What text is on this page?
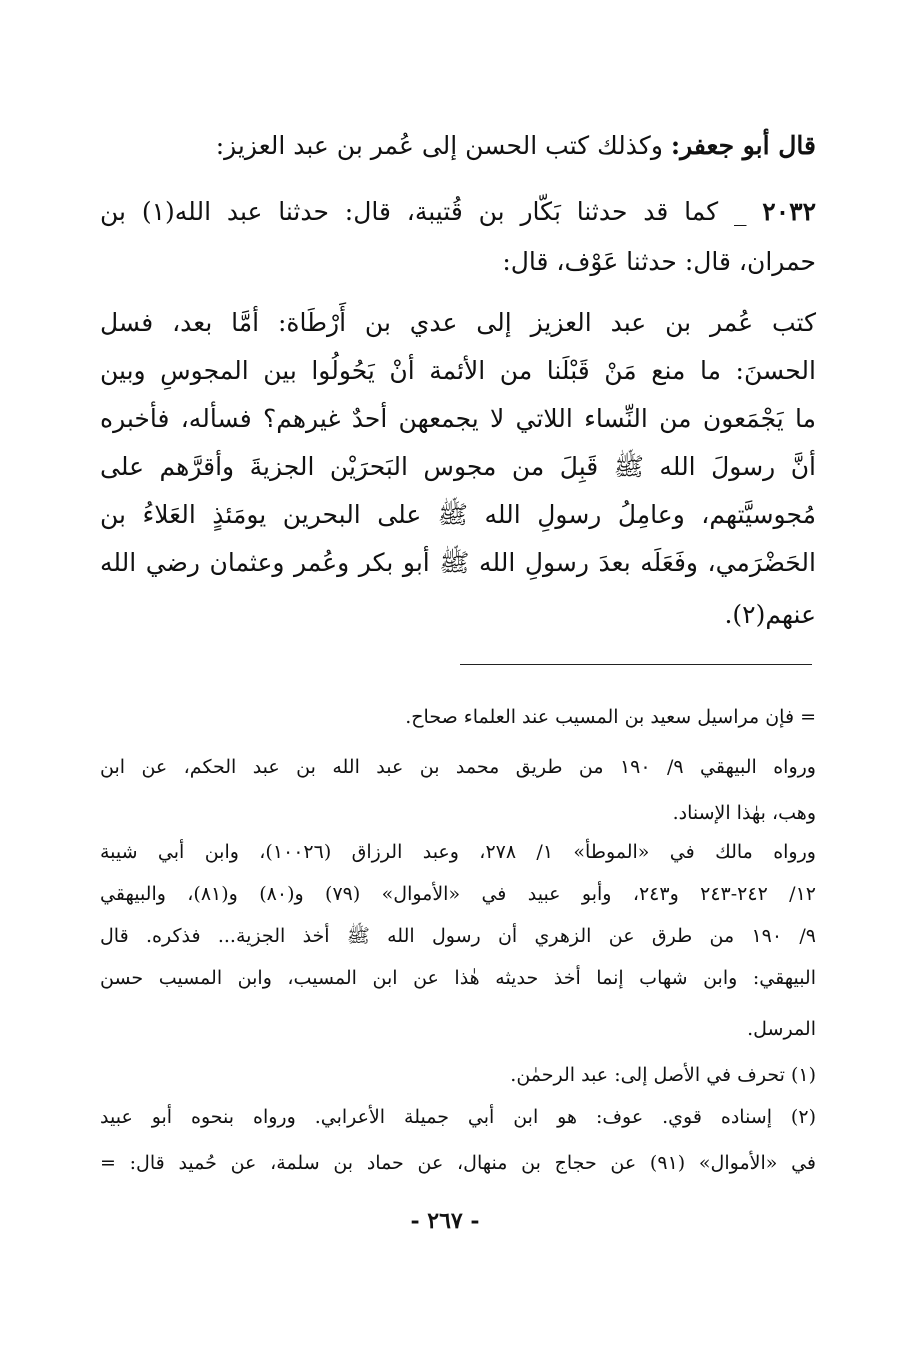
قال أبو جعفر: وكذلك كتب الحسن إلى عُمر بن عبد العزيز:
٢٠٣٢ _ كما قد حدثنا بَكّار بن قُتيبة، قال: حدثنا عبد الله(١) بن
حمران، قال: حدثنا عَوْف، قال:
كتب عُمر بن عبد العزيز إلى عدي بن أَرْطَاة: أمَّا بعد، فسل
الحسنَ: ما منع مَنْ قَبْلَنا من الأئمة أنْ يَحُولُوا بين المجوسِ وبين
ما يَجْمَعون من النِّساء اللاتي لا يجمعهن أحدٌ غيرهم؟ فسأله، فأخبره
أنَّ رسولَ الله ﷺ قَبِلَ من مجوس البَحرَيْن الجزيةَ وأقرَّهم على
مُجوسيَّتهم، وعامِلُ رسولِ الله ﷺ على البحرين يومَئذٍ العَلاءُ بن
الحَضْرَمي، وفَعَلَه بعدَ رسولِ الله ﷺ أبو بكر وعُمر وعثمان رضي الله
عنهم(٢).
= فإن مراسيل سعيد بن المسيب عند العلماء صحاح.
ورواه البيهقي ٩/ ١٩٠ من طريق محمد بن عبد الله بن عبد الحكم، عن ابن
وهب، بهٰذا الإسناد.
ورواه مالك في «الموطأ» ١/ ٢٧٨، وعبد الرزاق (١٠٠٢٦)، وابن أبي شيبة
١٢/ ٢٤٢-٢٤٣ و٢٤٣، وأبو عبيد في «الأموال» (٧٩) و(٨٠) و(٨١)، والبيهقي
٩/ ١٩٠ من طرق عن الزهري أن رسول الله ﷺ أخذ الجزية... فذكره. قال
البيهقي: وابن شهاب إنما أخذ حديثه هٰذا عن ابن المسيب، وابن المسيب حسن
المرسل.
(١) تحرف في الأصل إلى: عبد الرحمٰن.
(٢) إسناده قوي. عوف: هو ابن أبي جميلة الأعرابي. ورواه بنحوه أبو عبيد
في «الأموال» (٩١) عن حجاج بن منهال، عن حماد بن سلمة، عن حُميد قال: =
- ٢٦٧ -
